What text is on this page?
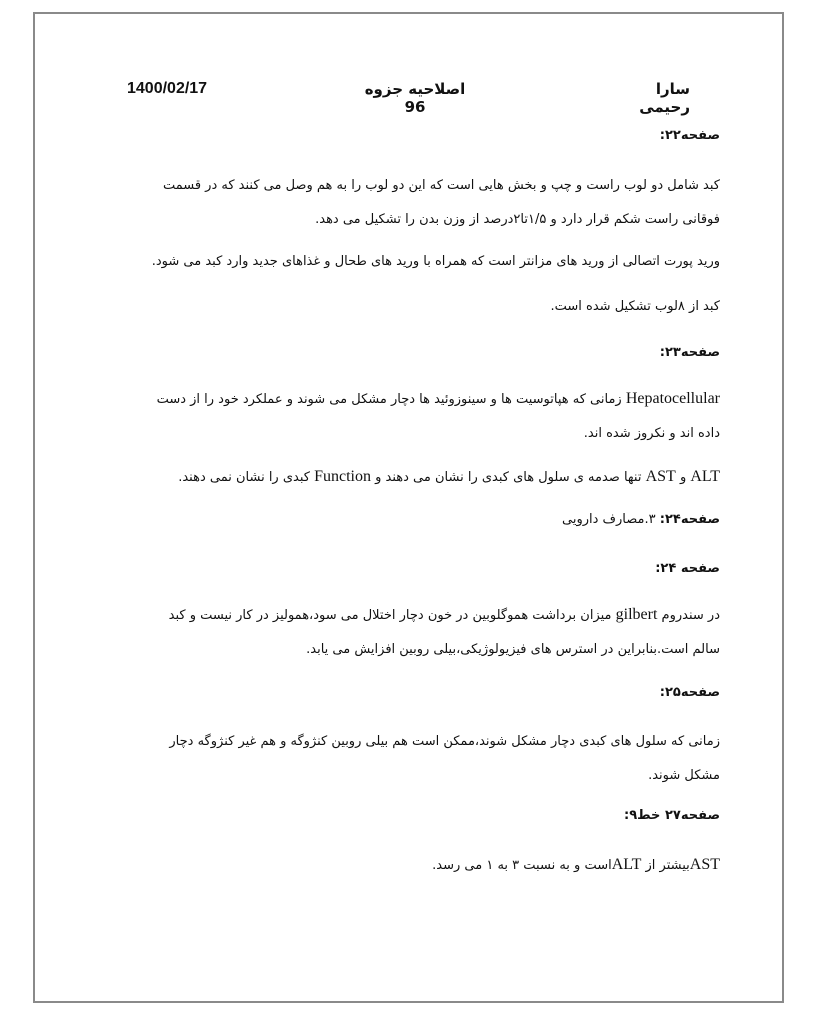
1400/02/17	اصلاحیه جزوه 96
سارا رحیمی
صفحه۲۲:
کبد شامل دو لوب راست و چپ و بخش هایی است که این دو لوب را به هم وصل می کنند که در قسمت
فوقانی راست شکم قرار دارد و ۱/۵تا۲درصد از وزن بدن را تشکیل می دهد.
ورید پورت اتصالی از ورید های مزانتر است که همراه با ورید های طحال و غذاهای جدید وارد کبد می شود.
کبد از ۸لوب تشکیل شده است.
صفحه۲۳:
Hepatocellular زمانی که هپاتوسیت ها و سینوزوئید ها دچار مشکل می شوند و عملکرد خود را از دست
داده اند و نکروز شده اند.
ALT و AST تنها صدمه ی سلول های کبدی را نشان می دهند و Function کبدی را نشان نمی دهند.
صفحه۲۴: ۳.مصارف دارویی
صفحه ۲۴:
در سندروم gilbert میزان برداشت هموگلوبین در خون دچار اختلال می سود،همولیز در کار نیست و کبد
سالم است.بنابراین در استرس های فیزیولوژیکی،بیلی روبین افزایش می یابد.
صفحه۲۵:
زمانی که سلول های کبدی دچار مشکل شوند،ممکن است هم بیلی روبین کنژوگه و هم غیر کنژوگه دچار
مشکل شوند.
صفحه۲۷ خط۹:
ASTبیشتر از ALTاست و به نسبت ۳ به ۱ می رسد.
